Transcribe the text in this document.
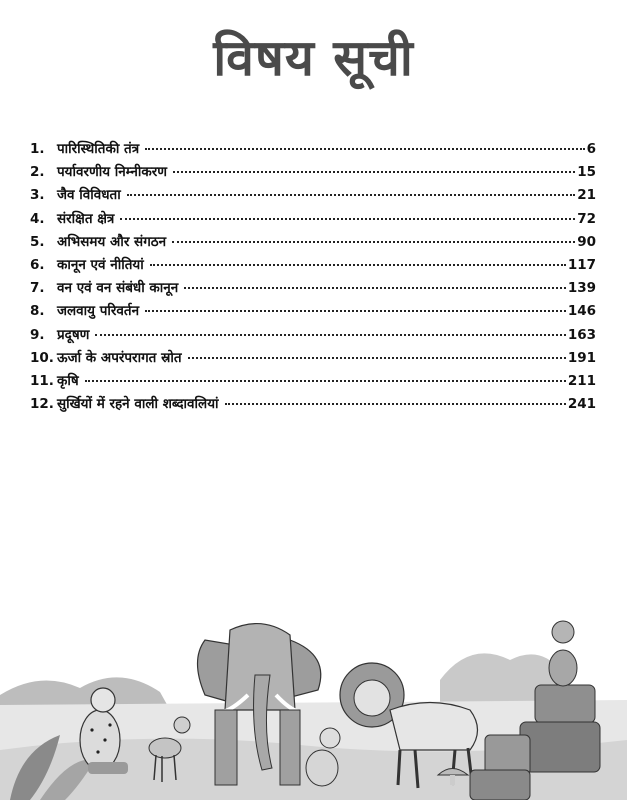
विषय सूची
1. पारिस्थितिकी तंत्र	6
2. पर्यावरणीय निम्नीकरण	15
3. जैव विविधता	21
4. संरक्षित क्षेत्र	72
5. अभिसमय और संगठन	90
6. कानून एवं नीतियां	117
7. वन एवं वन संबंधी कानून	139
8. जलवायु परिवर्तन	146
9. प्रदूषण	163
10. ऊर्जा के अपरंपरागत स्रोत	191
11. कृषि	211
12. सुर्खियों में रहने वाली शब्दावलियां	241
